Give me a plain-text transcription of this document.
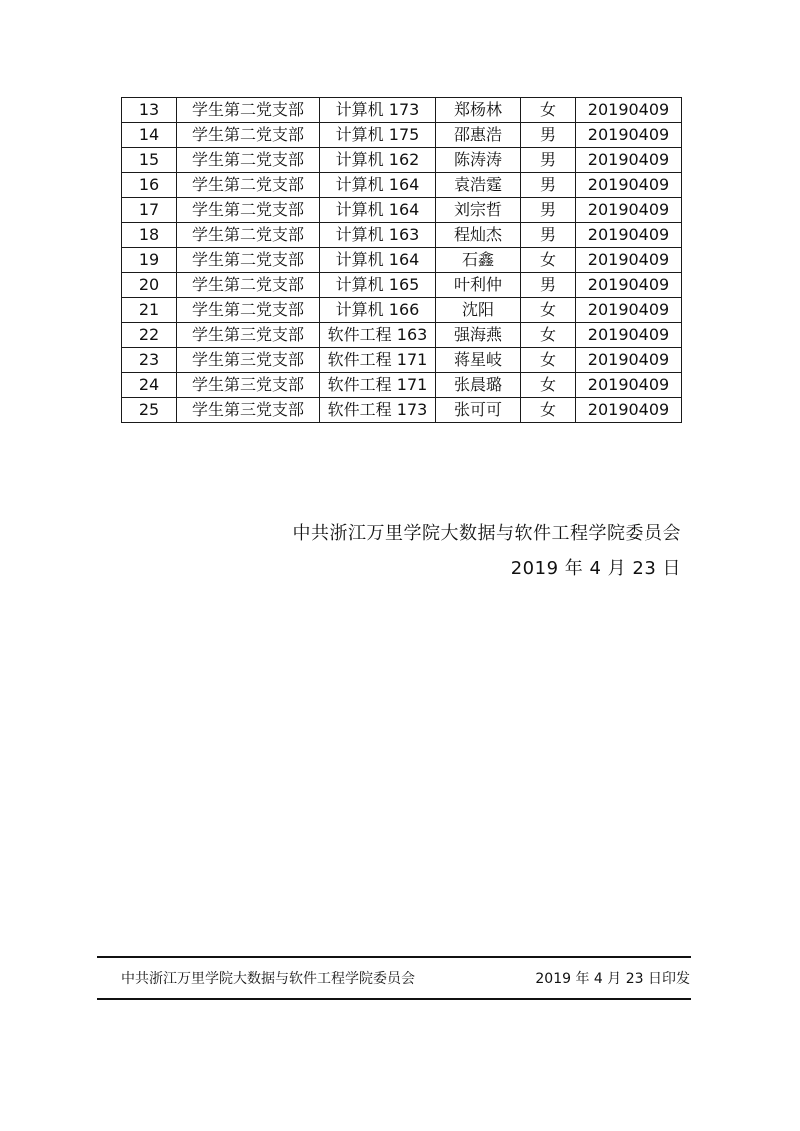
13	学生第二党支部	计算机 173	郑杨林	女	20190409
14	学生第二党支部	计算机 175	邵惠浩	男	20190409
15	学生第二党支部	计算机 162	陈涛涛	男	20190409
16	学生第二党支部	计算机 164	袁浩霆	男	20190409
17	学生第二党支部	计算机 164	刘宗哲	男	20190409
18	学生第二党支部	计算机 163	程灿杰	男	20190409
19	学生第二党支部	计算机 164	石鑫	女	20190409
20	学生第二党支部	计算机 165	叶利仲	男	20190409
21	学生第二党支部	计算机 166	沈阳	女	20190409
22	学生第三党支部	软件工程 163	强海燕	女	20190409
23	学生第三党支部	软件工程 171	蒋星岐	女	20190409
24	学生第三党支部	软件工程 171	张晨璐	女	20190409
25	学生第三党支部	软件工程 173	张可可	女	20190409
中共浙江万里学院大数据与软件工程学院委员会
2019 年 4 月 23 日
中共浙江万里学院大数据与软件工程学院委员会	2019 年 4 月 23 日印发
